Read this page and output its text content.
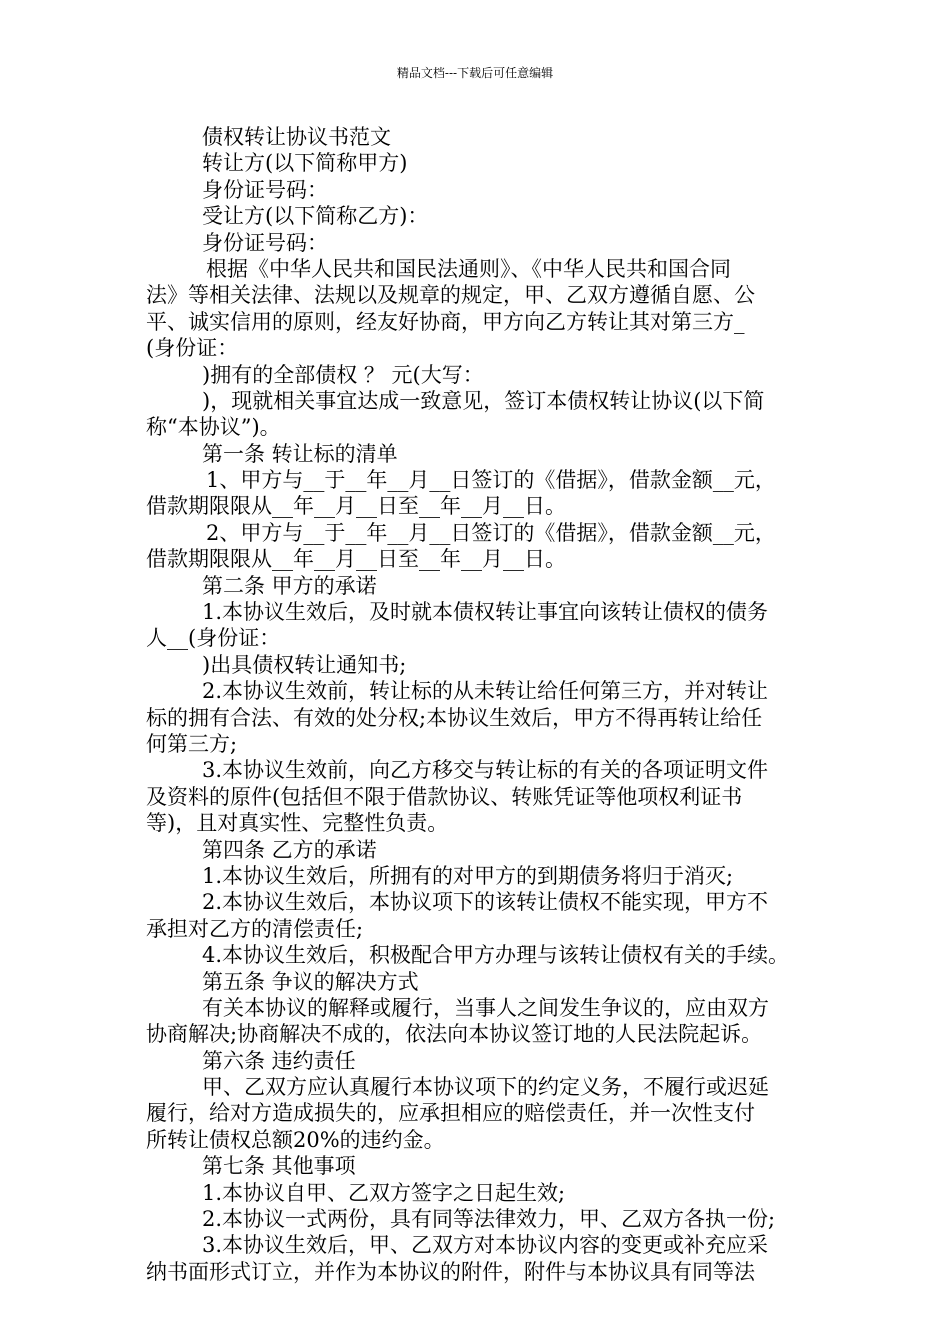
精品文档---下载后可任意编辑
债权转让协议书范文
转让方(以下简称甲方)
身份证号码：
受让方(以下简称乙方)：
身份证号码：
根据《中华人民共和国民法通则》、《中华人民共和国合同
法》等相关法律、法规以及规章的规定，甲、乙双方遵循自愿、公
平、诚实信用的原则，经友好协商，甲方向乙方转让其对第三方_
(身份证：
)拥有的全部债权 ？ 元(大写：
)，现就相关事宜达成一致意见，签订本债权转让协议(以下简
称“本协议”)。
第一条 转让标的清单
1、甲方与__于__年__月__日签订的《借据》，借款金额__元，
借款期限限从__年__月__日至__年__月__日。
2、甲方与__于__年__月__日签订的《借据》，借款金额__元，
借款期限限从__年__月__日至__年__月__日。
第二条 甲方的承诺
1.本协议生效后，及时就本债权转让事宜向该转让债权的债务
人__(身份证：
)出具债权转让通知书;
2.本协议生效前，转让标的从未转让给任何第三方，并对转让
标的拥有合法、有效的处分权;本协议生效后，甲方不得再转让给任
何第三方;
3.本协议生效前，向乙方移交与转让标的有关的各项证明文件
及资料的原件(包括但不限于借款协议、转账凭证等他项权利证书
等)，且对真实性、完整性负责。
第四条 乙方的承诺
1.本协议生效后，所拥有的对甲方的到期债务将归于消灭;
2.本协议生效后，本协议项下的该转让债权不能实现，甲方不
承担对乙方的清偿责任;
4.本协议生效后，积极配合甲方办理与该转让债权有关的手续。
第五条 争议的解决方式
有关本协议的解释或履行，当事人之间发生争议的，应由双方
协商解决;协商解决不成的，依法向本协议签订地的人民法院起诉。
第六条 违约责任
甲、乙双方应认真履行本协议项下的约定义务，不履行或迟延
履行，给对方造成损失的，应承担相应的赔偿责任，并一次性支付
所转让债权总额20%的违约金。
第七条 其他事项
1.本协议自甲、乙双方签字之日起生效;
2.本协议一式两份，具有同等法律效力，甲、乙双方各执一份;
3.本协议生效后，甲、乙双方对本协议内容的变更或补充应采
纳书面形式订立，并作为本协议的附件，附件与本协议具有同等法
